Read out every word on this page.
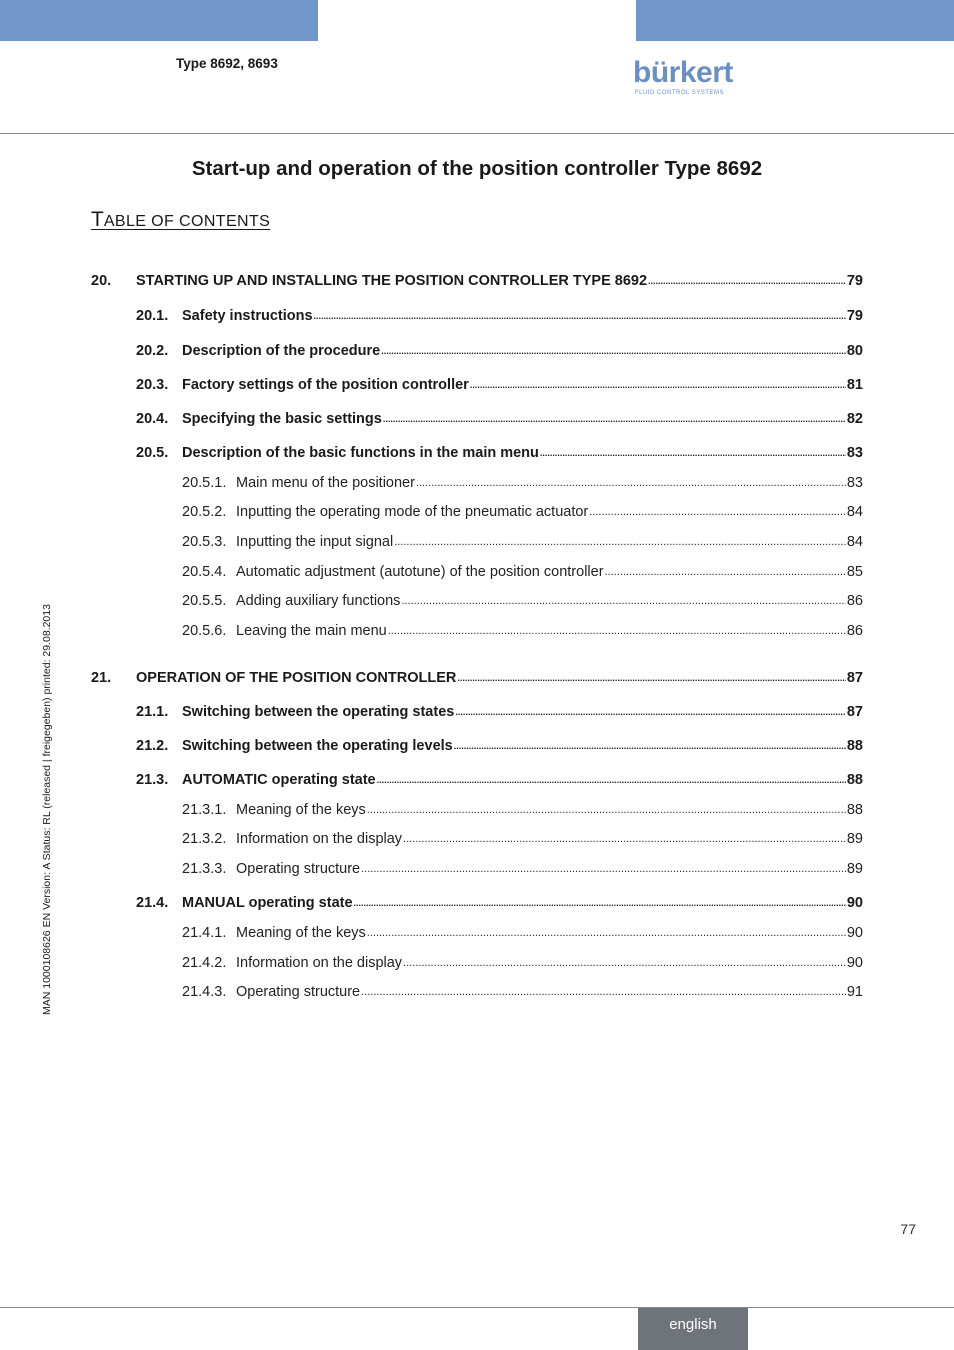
Type 8692, 8693	bürkert
FLUID CONTROL SYSTEMS
Start-up and operation of the position controller Type 8692
TABLE OF CONTENTS
20.	STARTING UP AND INSTALLING THE POSITION CONTROLLER TYPE 8692 .....	79
20.1. Safety instructions .....	79
20.2. Description of the procedure .....	80
20.3. Factory settings of the position controller .....	81
20.4. Specifying the basic settings .....	82
20.5. Description of the basic functions in the main menu .....	83
20.5.1. Main menu of the positioner .....	83
20.5.2. Inputting the operating mode of the pneumatic actuator .....	84
20.5.3. Inputting the input signal .....	84
20.5.4. Automatic adjustment (autotune) of the position controller .....	85
20.5.5. Adding auxiliary functions .....	86
20.5.6. Leaving the main menu .....	86
21.	OPERATION OF THE POSITION CONTROLLER .....	87
21.1. Switching between the operating states .....	87
21.2. Switching between the operating levels .....	88
21.3. AUTOMATIC operating state .....	88
21.3.1. Meaning of the keys .....	88
21.3.2. Information on the display .....	89
21.3.3. Operating structure .....	89
21.4. MANUAL operating state .....	90
21.4.1. Meaning of the keys .....	90
21.4.2. Information on the display .....	90
21.4.3. Operating structure .....	91
MAN 1000108626 EN Version: A Status: RL (released | freigegeben) printed: 29.08.2013
77
english
